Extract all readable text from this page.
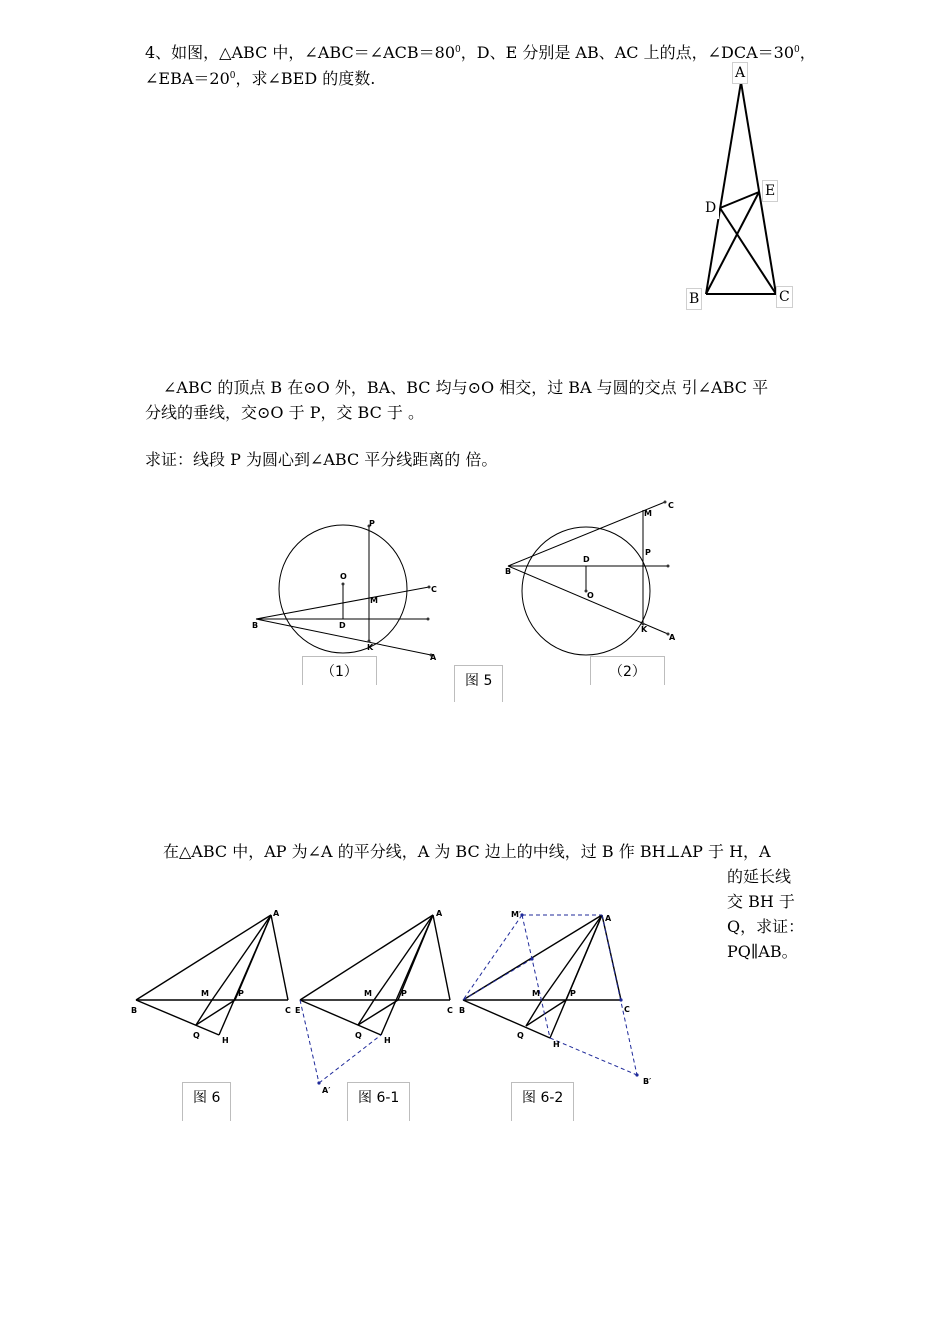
4、如图，△ABC 中，$\angle ABC=\angle ACB=80^0$，D、E 分别是 AB、AC 上的点，$\angle DCA=30^0$，
$\angle EBA=20^0$，求∠BED 的度数.	A
E
D
B	C
∠ABC 的顶点 B 在⊙O 外，BA、BC 均与⊙O 相交，过 BA 与圆的交点 引∠ABC 平
分线的垂线，交⊙O 于 P，交 BC 于 。
求证：线段 P 为圆心到∠ABC 平分线距离的 倍。
P
O
M
C
B	D
K
A
C
M
D
P
B
O
K
A
（1）	（2）
图 5
在△ABC 中，AP 为∠A 的平分线，A 为 BC 边上的中线，过 B 作 BH⊥AP 于 H，A
的延长线
交 BH 于
Q，求证：
PQ∥AB。
A
B	C
M	P
Q
H
A
E	C
M	P
Q
H
A′
A
M′
B	C
M	P
Q
H
B′
图 6	图 6-1	图 6-2
